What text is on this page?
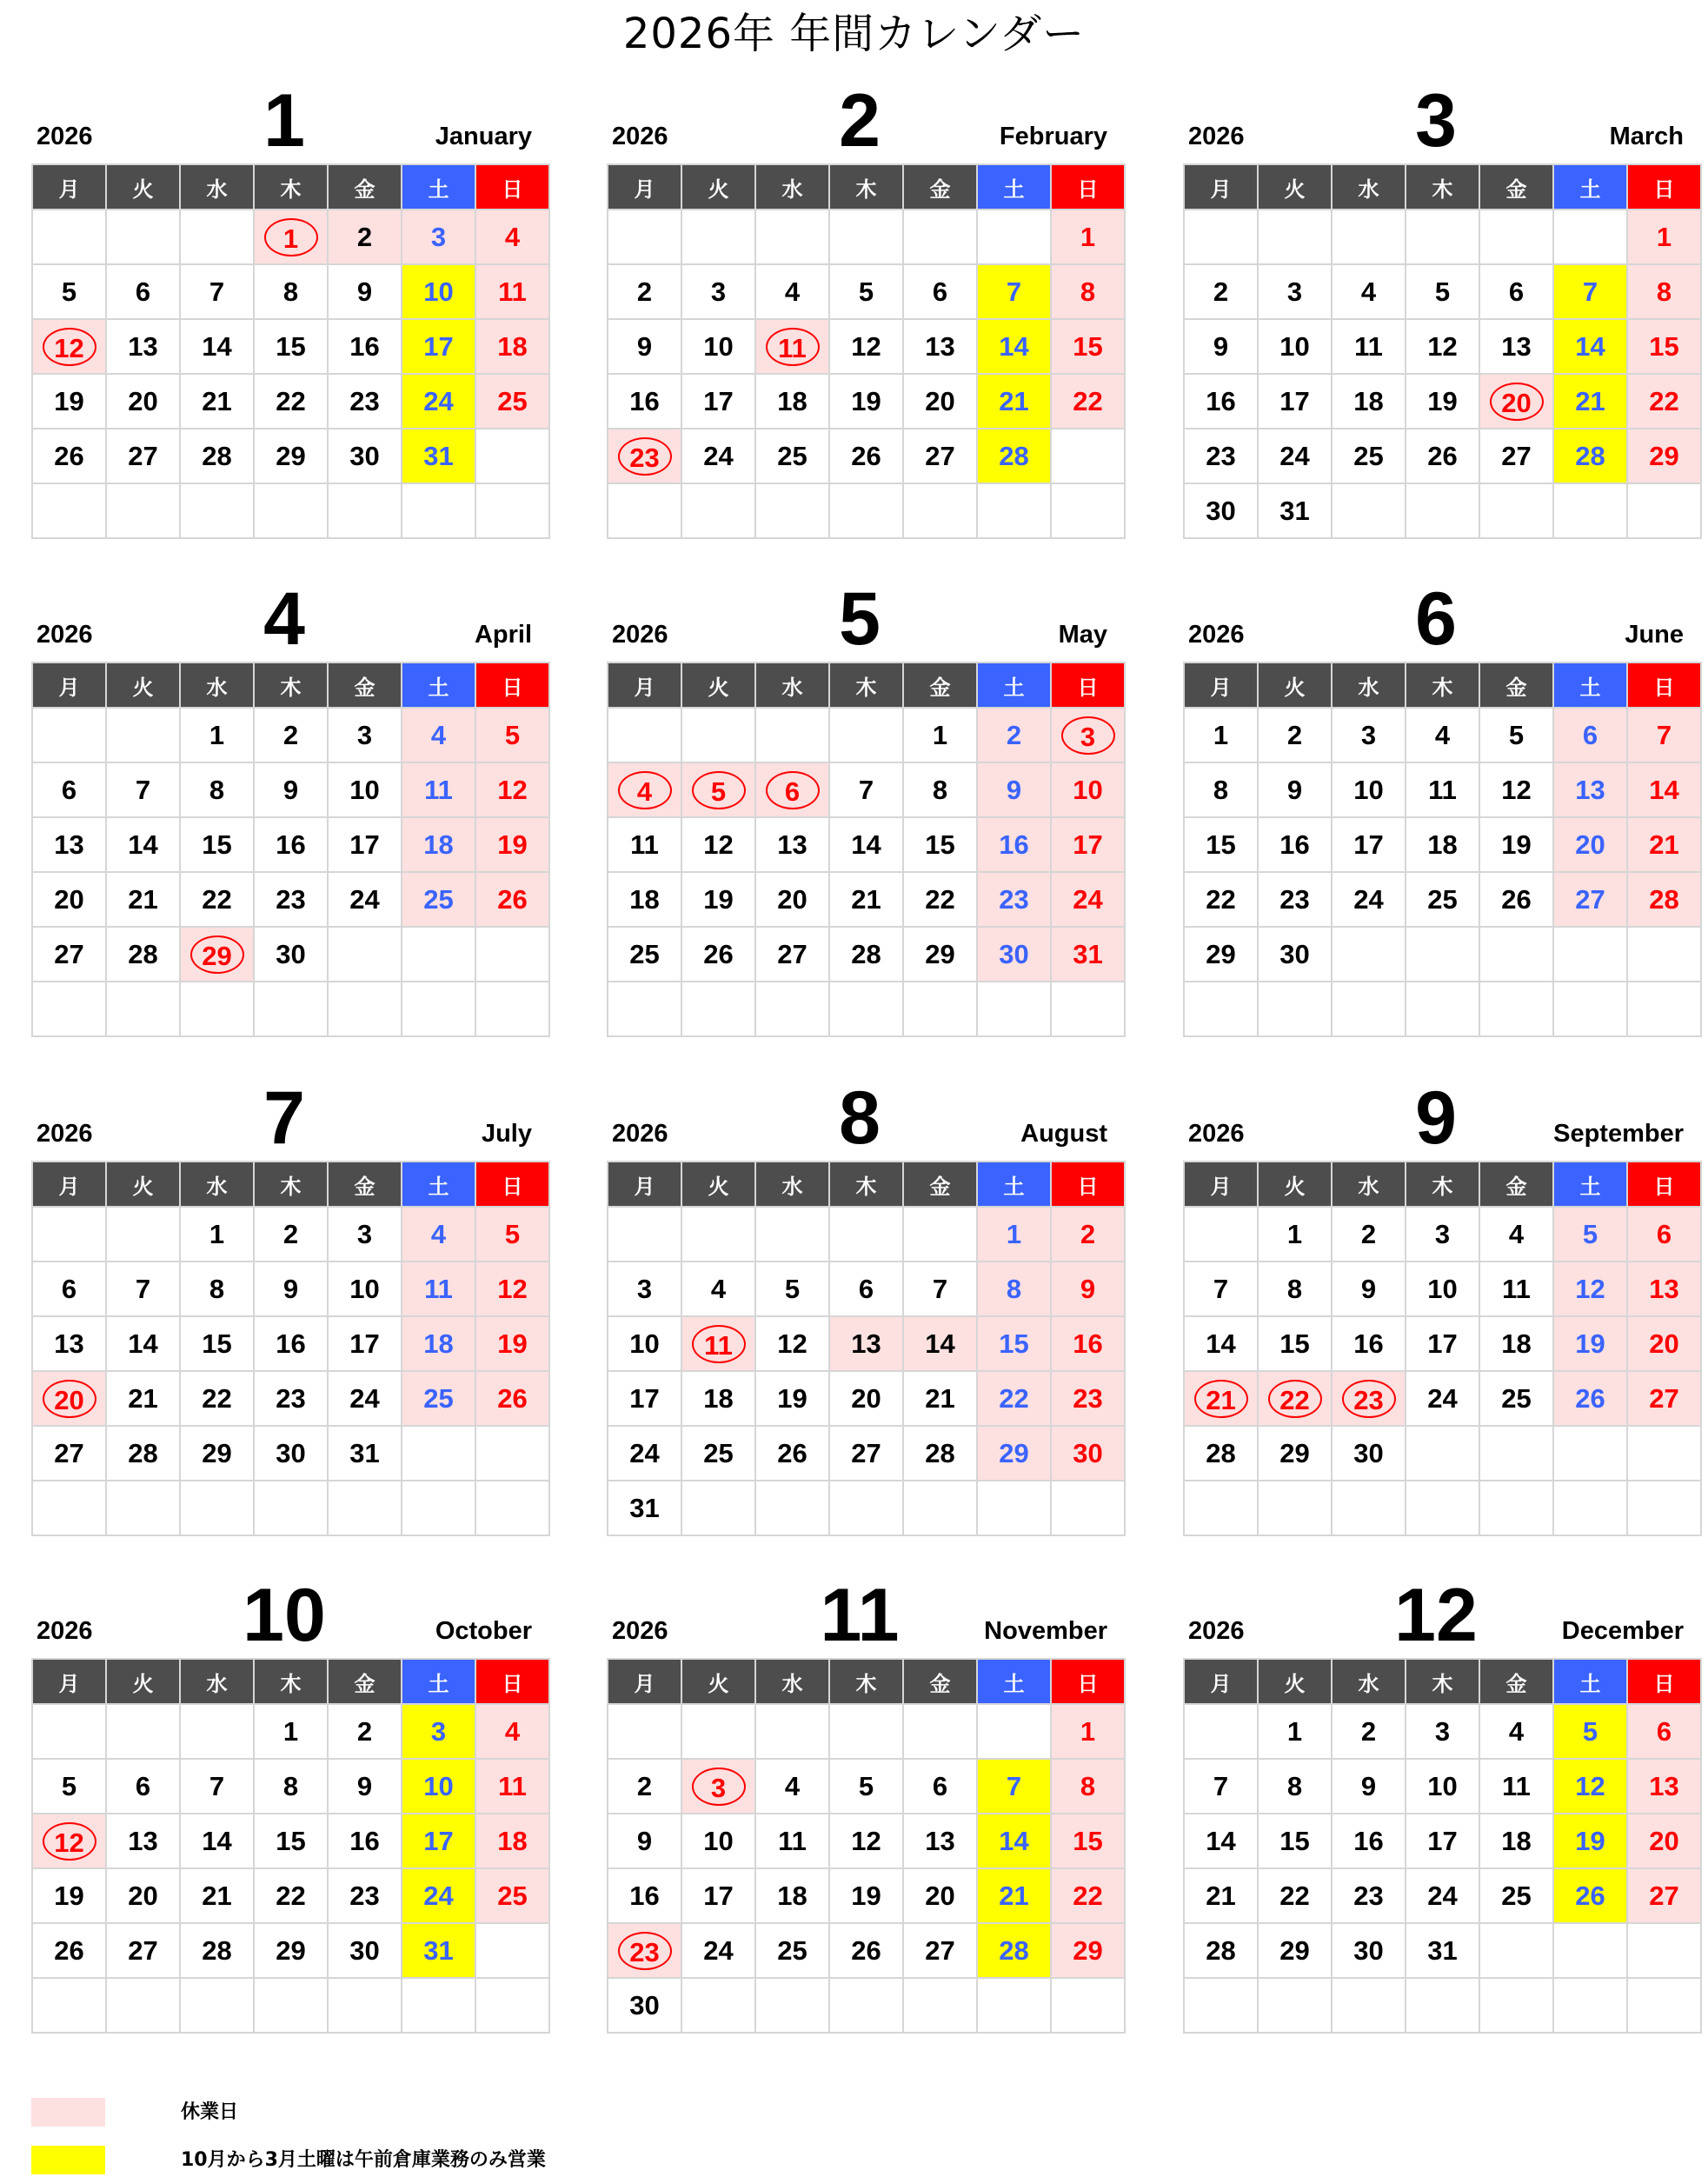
2026年 年間カレンダー
2026	1	January
月	火	水	木	金	土	日
			1	2	3	4
5	6	7	8	9	10	11
12	13	14	15	16	17	18
19	20	21	22	23	24	25
26	27	28	29	30	31	

2026	2	February
月	火	水	木	金	土	日
						1
2	3	4	5	6	7	8
9	10	11	12	13	14	15
16	17	18	19	20	21	22
23	24	25	26	27	28	

2026	3	March
月	火	水	木	金	土	日
						1
2	3	4	5	6	7	8
9	10	11	12	13	14	15
16	17	18	19	20	21	22
23	24	25	26	27	28	29
30	31					
2026	4	April
月	火	水	木	金	土	日
		1	2	3	4	5
6	7	8	9	10	11	12
13	14	15	16	17	18	19
20	21	22	23	24	25	26
27	28	29	30			

2026	5	May
月	火	水	木	金	土	日
				1	2	3
4	5	6	7	8	9	10
11	12	13	14	15	16	17
18	19	20	21	22	23	24
25	26	27	28	29	30	31

2026	6	June
月	火	水	木	金	土	日
1	2	3	4	5	6	7
8	9	10	11	12	13	14
15	16	17	18	19	20	21
22	23	24	25	26	27	28
29	30					

2026	7	July
月	火	水	木	金	土	日
		1	2	3	4	5
6	7	8	9	10	11	12
13	14	15	16	17	18	19
20	21	22	23	24	25	26
27	28	29	30	31		

2026	8	August
月	火	水	木	金	土	日
					1	2
3	4	5	6	7	8	9
10	11	12	13	14	15	16
17	18	19	20	21	22	23
24	25	26	27	28	29	30
31						
2026	9	September
月	火	水	木	金	土	日
	1	2	3	4	5	6
7	8	9	10	11	12	13
14	15	16	17	18	19	20
21	22	23	24	25	26	27
28	29	30				

2026	10	October
月	火	水	木	金	土	日
			1	2	3	4
5	6	7	8	9	10	11
12	13	14	15	16	17	18
19	20	21	22	23	24	25
26	27	28	29	30	31	

2026	11	November
月	火	水	木	金	土	日
						1
2	3	4	5	6	7	8
9	10	11	12	13	14	15
16	17	18	19	20	21	22
23	24	25	26	27	28	29
30						
2026	12	December
月	火	水	木	金	土	日
	1	2	3	4	5	6
7	8	9	10	11	12	13
14	15	16	17	18	19	20
21	22	23	24	25	26	27
28	29	30	31			

休業日
10月から3月土曜は午前倉庫業務のみ営業
